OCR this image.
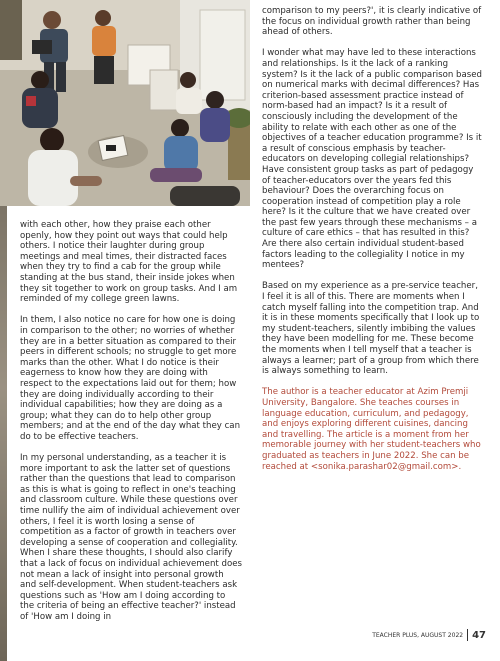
with each other, how they praise each other openly, how they point out ways that could help others. I notice their laughter during group meetings and meal times, their distracted faces when they try to find a cab for the group while standing at the bus stand, their inside jokes when they sit together to work on group tasks. And I am reminded of my college green lawns.

In them, I also notice no care for how one is doing in comparison to the other; no worries of whether they are in a better situation as compared to their peers in different schools; no struggle to get more marks than the other. What I do notice is their eagerness to know how they are doing with respect to the expectations laid out for them; how they are doing individually according to their individual capabilities; how they are doing as a group; what they can do to help other group members; and at the end of the day what they can do to be effective teachers.

In my personal understanding, as a teacher it is more important to ask the latter set of questions rather than the questions that lead to comparison as this is what is going to reflect in one's teaching and classroom culture. While these questions over time nullify the aim of individual achievement over others, I feel it is worth losing a sense of competition as a factor of growth in teachers over developing a sense of cooperation and collegiality. When I share these thoughts, I should also clarify that a lack of focus on individual achievement does not mean a lack of insight into personal growth and self-development. When student-teachers ask questions such as 'How am I doing according to the criteria of being an effective teacher?' instead of 'How am I doing in

comparison to my peers?', it is clearly indicative of the focus on individual growth rather than being ahead of others.

I wonder what may have led to these interactions and relationships. Is it the lack of a ranking system? Is it the lack of a public comparison based on numerical marks with decimal differences? Has criterion-based assessment practice instead of norm-based had an impact? Is it a result of consciously including the development of the ability to relate with each other as one of the objectives of a teacher education programme? Is it a result of conscious emphasis by teacher-educators on developing collegial relationships? Have consistent group tasks as part of pedagogy of teacher-educators over the years fed this behaviour? Does the overarching focus on cooperation instead of competition play a role here? Is it the culture that we have created over the past few years through these mechanisms – a culture of care ethics – that has resulted in this? Are there also certain individual student-based factors leading to the collegiality I notice in my mentees?

Based on my experience as a pre-service teacher, I feel it is all of this. There are moments when I catch myself falling into the competition trap. And it is in these moments specifically that I look up to my student-teachers, silently imbibing the values they have been modelling for me. These become the moments when I tell myself that a teacher is always a learner; part of a group from which there is always something to learn.

The author is a teacher educator at Azim Premji University, Bangalore. She teaches courses in language education, curriculum, and pedagogy, and enjoys exploring different cuisines, dancing and travelling. The article is a moment from her memorable journey with her student-teachers who graduated as teachers in June 2022. She can be reached at <sonika.parashar02@gmail.com>.

TEACHER PLUS, AUGUST 2022 47
